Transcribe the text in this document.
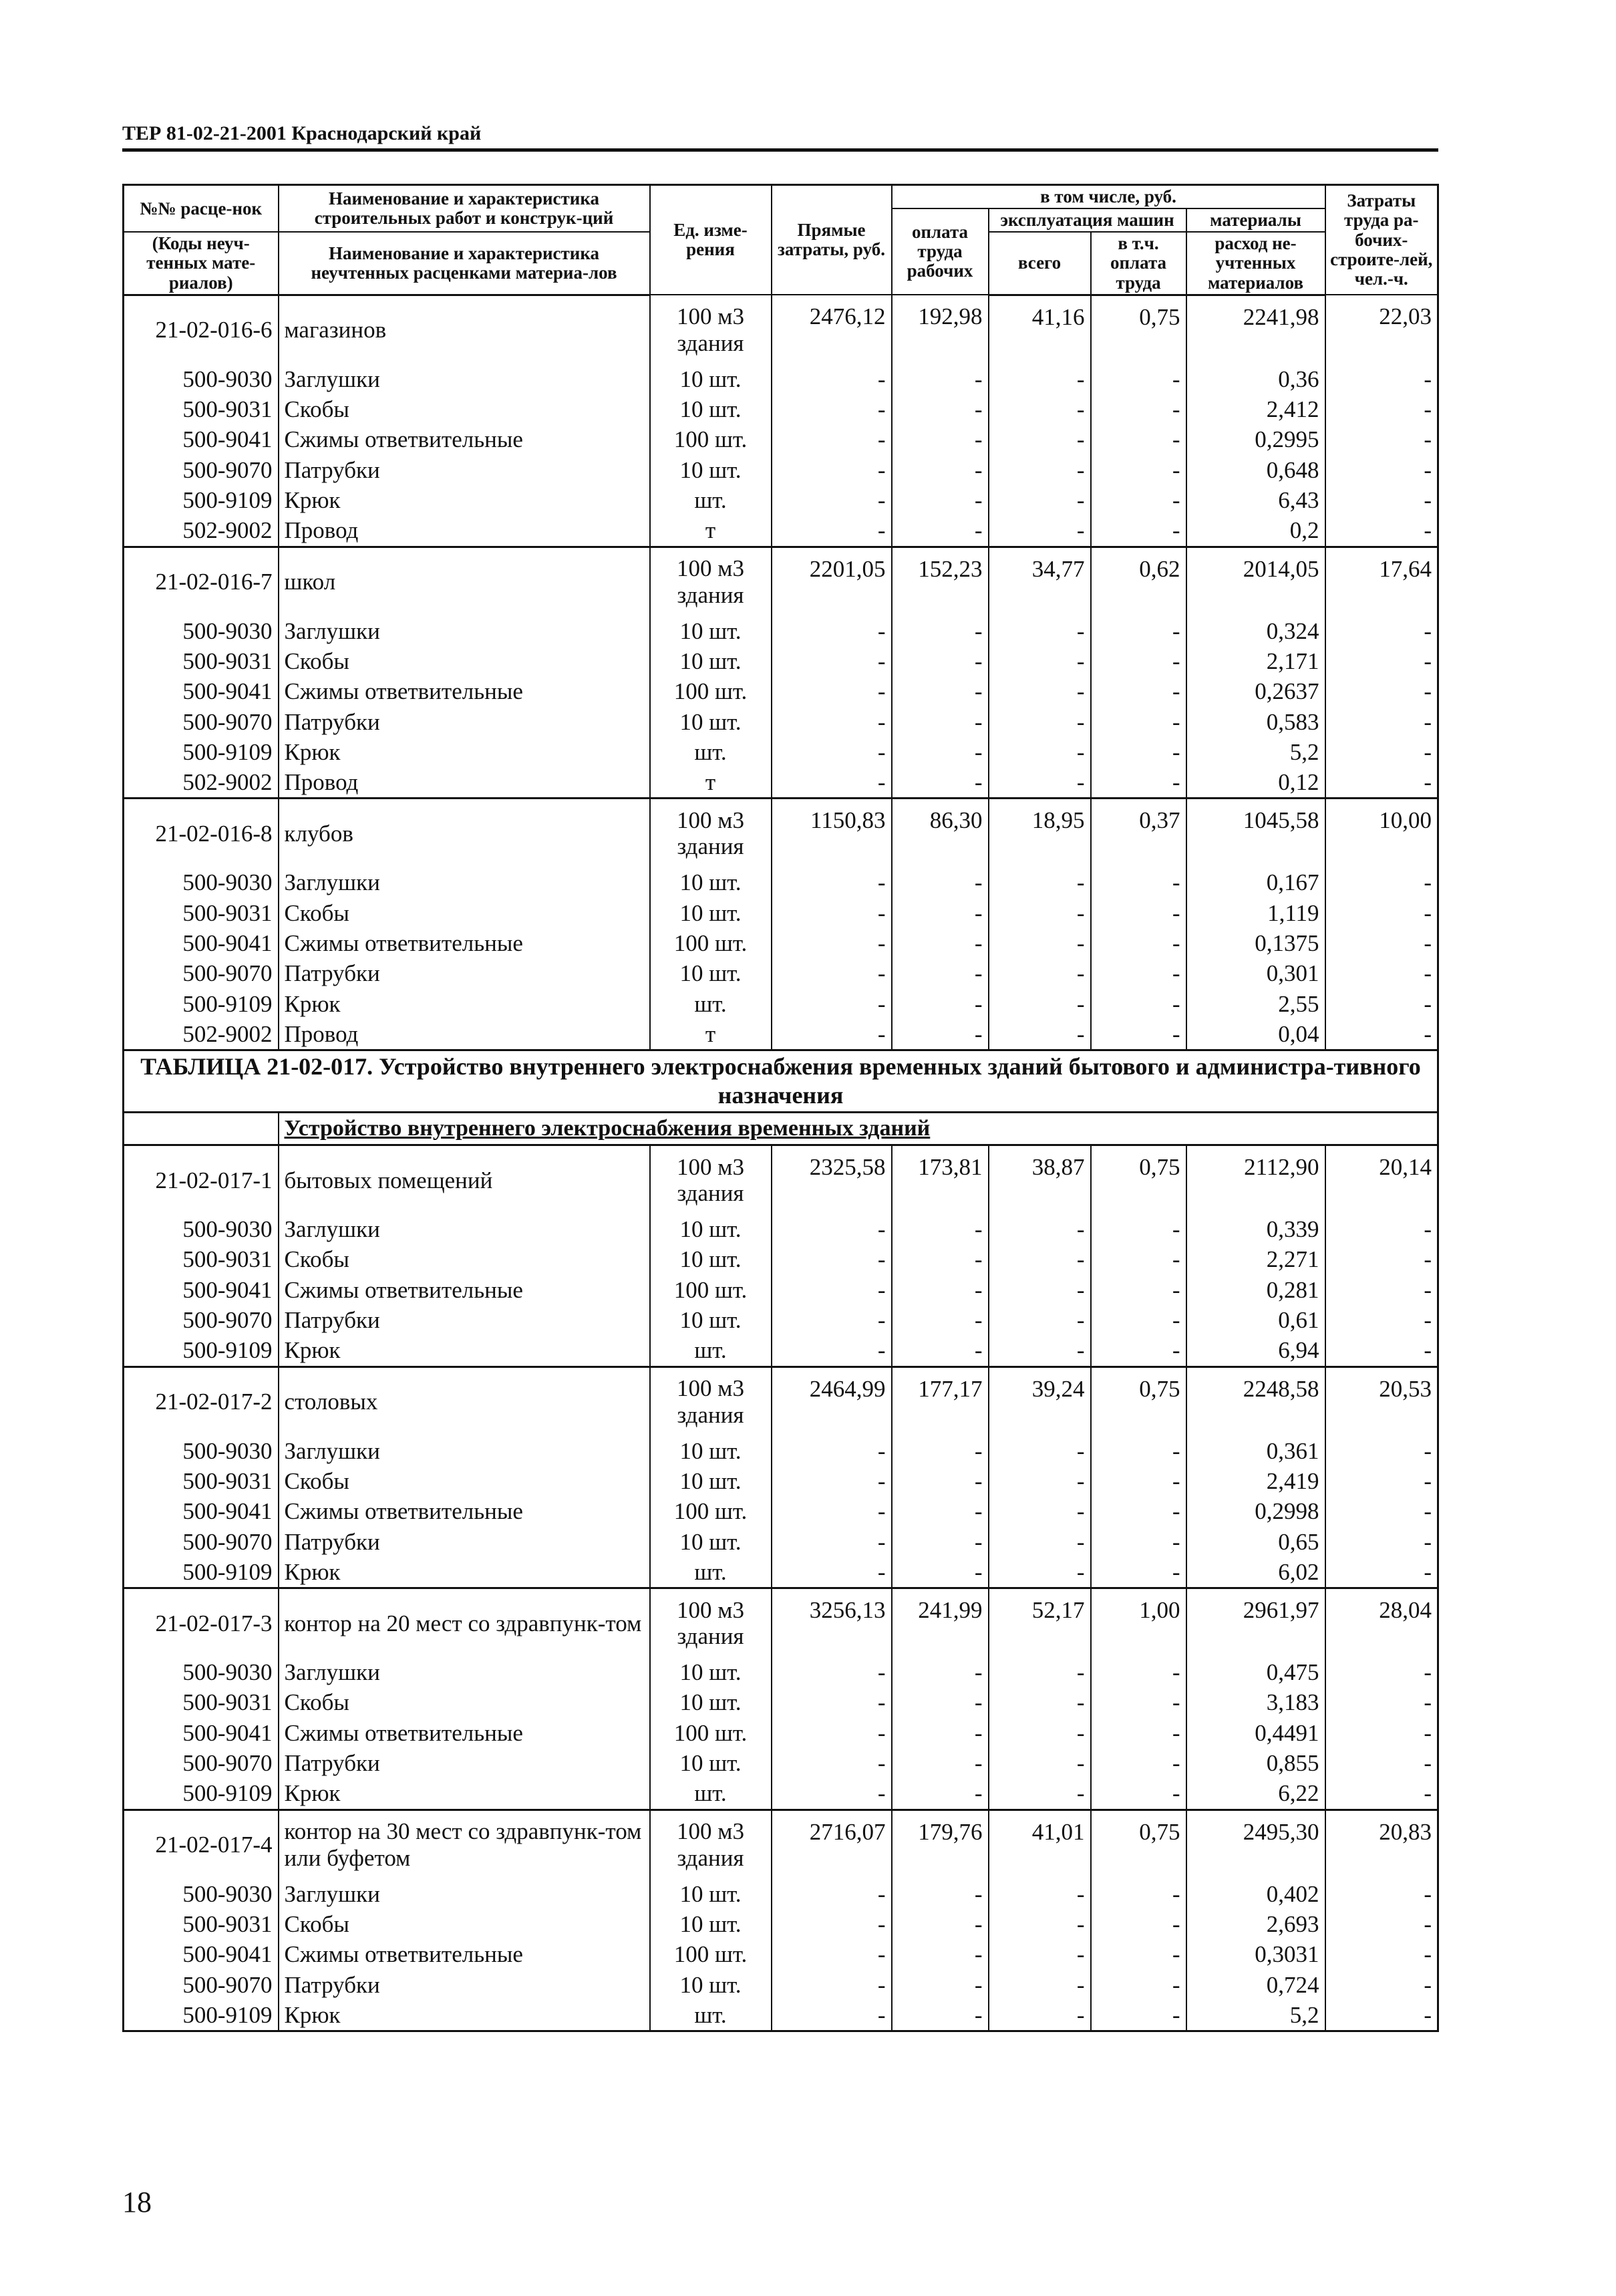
ТЕР 81-02-21-2001 Краснодарский край
№№ расце-нок	Наименование и характеристика строительных работ и конструк-ций	Ед. изме-рения	Прямые затраты, руб.	в том числе, руб.				Затраты труда ра-бочих-строите-лей, чел.-ч.
				оплата труда рабочих	эксплуатация машин		материалы	

(Коды неуч-тенных мате-риалов)	Наименование и характеристика неучтенных расценками материа-лов				всего	в т.ч. оплата труда	расход не-учтенных материалов	

21-02-016-6	магазинов	100 м3 здания	2476,12	192,98	41,16	0,75	2241,98	22,03
500-9030	Заглушки	10 шт.	-	-	-	-	0,36	-
500-9031	Скобы	10 шт.	-	-	-	-	2,412	-
500-9041	Сжимы ответвительные	100 шт.	-	-	-	-	0,2995	-
500-9070	Патрубки	10 шт.	-	-	-	-	0,648	-
500-9109	Крюк	шт.	-	-	-	-	6,43	-
502-9002	Провод	т	-	-	-	-	0,2	-
21-02-016-7	школ	100 м3 здания	2201,05	152,23	34,77	0,62	2014,05	17,64
500-9030	Заглушки	10 шт.	-	-	-	-	0,324	-
500-9031	Скобы	10 шт.	-	-	-	-	2,171	-
500-9041	Сжимы ответвительные	100 шт.	-	-	-	-	0,2637	-
500-9070	Патрубки	10 шт.	-	-	-	-	0,583	-
500-9109	Крюк	шт.	-	-	-	-	5,2	-
502-9002	Провод	т	-	-	-	-	0,12	-
21-02-016-8	клубов	100 м3 здания	1150,83	86,30	18,95	0,37	1045,58	10,00
500-9030	Заглушки	10 шт.	-	-	-	-	0,167	-
500-9031	Скобы	10 шт.	-	-	-	-	1,119	-
500-9041	Сжимы ответвительные	100 шт.	-	-	-	-	0,1375	-
500-9070	Патрубки	10 шт.	-	-	-	-	0,301	-
500-9109	Крюк	шт.	-	-	-	-	2,55	-
502-9002	Провод	т	-	-	-	-	0,04	-
ТАБЛИЦА 21-02-017. Устройство внутреннего электроснабжения временных зданий бытового и администра-тивного назначения								
	Устройство внутреннего электроснабжения временных зданий							
21-02-017-1	бытовых помещений	100 м3 здания	2325,58	173,81	38,87	0,75	2112,90	20,14
500-9030	Заглушки	10 шт.	-	-	-	-	0,339	-
500-9031	Скобы	10 шт.	-	-	-	-	2,271	-
500-9041	Сжимы ответвительные	100 шт.	-	-	-	-	0,281	-
500-9070	Патрубки	10 шт.	-	-	-	-	0,61	-
500-9109	Крюк	шт.	-	-	-	-	6,94	-
21-02-017-2	столовых	100 м3 здания	2464,99	177,17	39,24	0,75	2248,58	20,53
500-9030	Заглушки	10 шт.	-	-	-	-	0,361	-
500-9031	Скобы	10 шт.	-	-	-	-	2,419	-
500-9041	Сжимы ответвительные	100 шт.	-	-	-	-	0,2998	-
500-9070	Патрубки	10 шт.	-	-	-	-	0,65	-
500-9109	Крюк	шт.	-	-	-	-	6,02	-
21-02-017-3	контор на 20 мест со здравпунк-том	100 м3 здания	3256,13	241,99	52,17	1,00	2961,97	28,04
500-9030	Заглушки	10 шт.	-	-	-	-	0,475	-
500-9031	Скобы	10 шт.	-	-	-	-	3,183	-
500-9041	Сжимы ответвительные	100 шт.	-	-	-	-	0,4491	-
500-9070	Патрубки	10 шт.	-	-	-	-	0,855	-
500-9109	Крюк	шт.	-	-	-	-	6,22	-
21-02-017-4	контор на 30 мест со здравпунк-том или буфетом	100 м3 здания	2716,07	179,76	41,01	0,75	2495,30	20,83
500-9030	Заглушки	10 шт.	-	-	-	-	0,402	-
500-9031	Скобы	10 шт.	-	-	-	-	2,693	-
500-9041	Сжимы ответвительные	100 шт.	-	-	-	-	0,3031	-
500-9070	Патрубки	10 шт.	-	-	-	-	0,724	-
500-9109	Крюк	шт.	-	-	-	-	5,2	-
18
